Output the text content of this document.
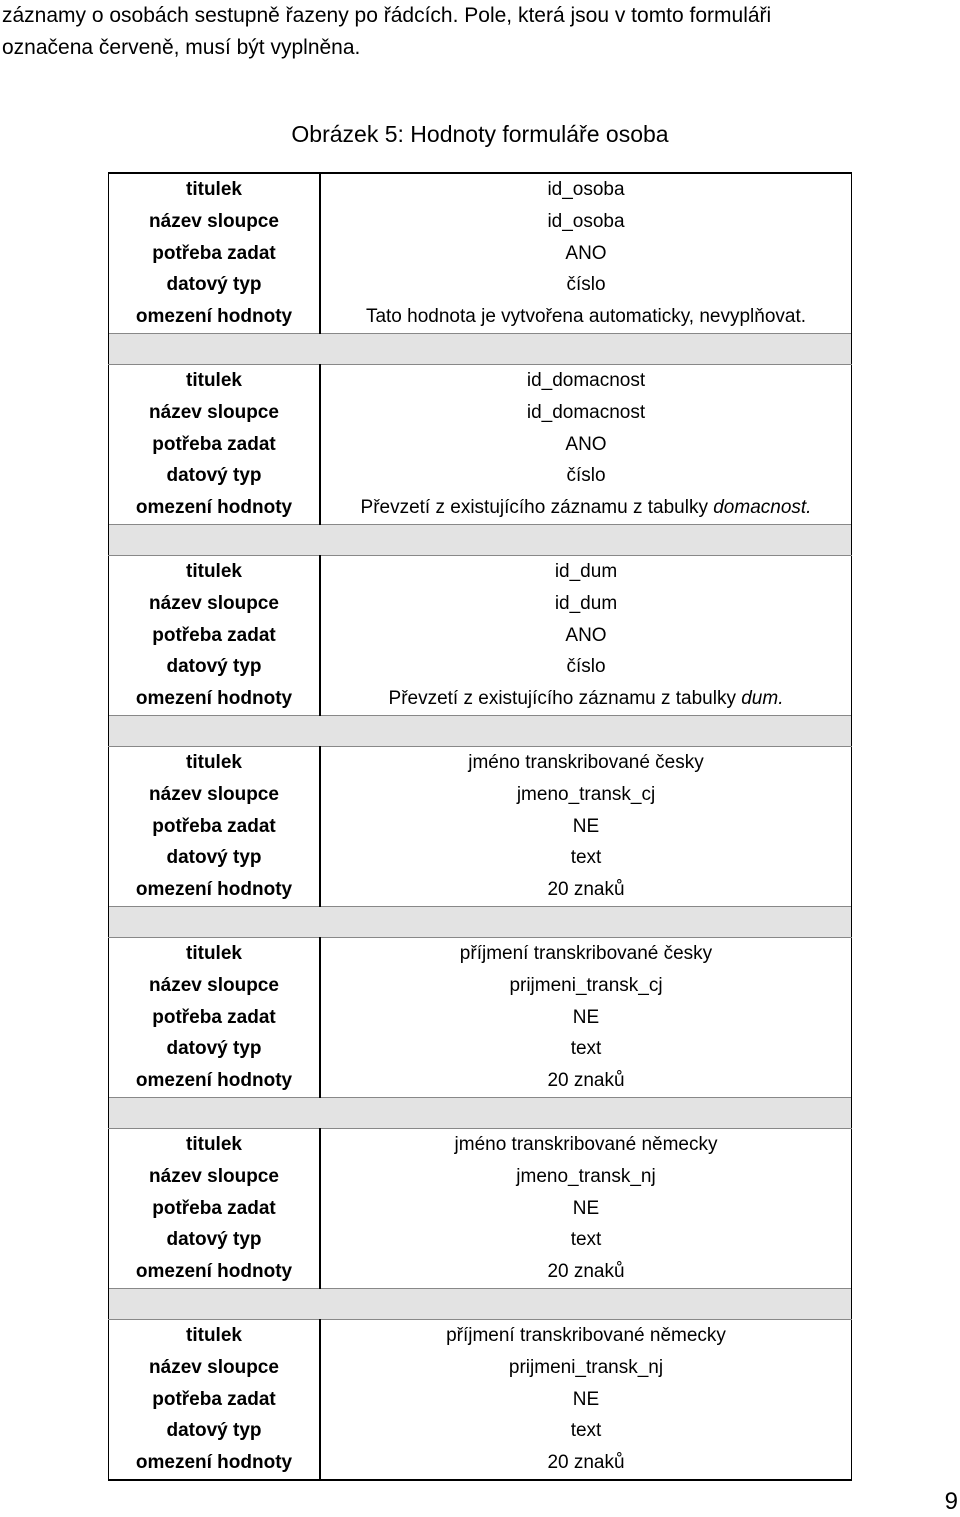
záznamy o osobách sestupně řazeny po řádcích. Pole, která jsou v tomto formuláři
označena červeně, musí být vyplněna.
Obrázek 5: Hodnoty formuláře osoba
titulek	id_osoba
název sloupce	id_osoba
potřeba zadat	ANO
datový typ	číslo
omezení hodnoty	Tato hodnota je vytvořena automaticky, nevyplňovat.

titulek	id_domacnost
název sloupce	id_domacnost
potřeba zadat	ANO
datový typ	číslo
omezení hodnoty	Převzetí z existujícího záznamu z tabulky domacnost.

titulek	id_dum
název sloupce	id_dum
potřeba zadat	ANO
datový typ	číslo
omezení hodnoty	Převzetí z existujícího záznamu z tabulky dum.

titulek	jméno transkribované česky
název sloupce	jmeno_transk_cj
potřeba zadat	NE
datový typ	text
omezení hodnoty	20 znaků

titulek	příjmení transkribované česky
název sloupce	prijmeni_transk_cj
potřeba zadat	NE
datový typ	text
omezení hodnoty	20 znaků

titulek	jméno transkribované německy
název sloupce	jmeno_transk_nj
potřeba zadat	NE
datový typ	text
omezení hodnoty	20 znaků

titulek	příjmení transkribované německy
název sloupce	prijmeni_transk_nj
potřeba zadat	NE
datový typ	text
omezení hodnoty	20 znaků
9
